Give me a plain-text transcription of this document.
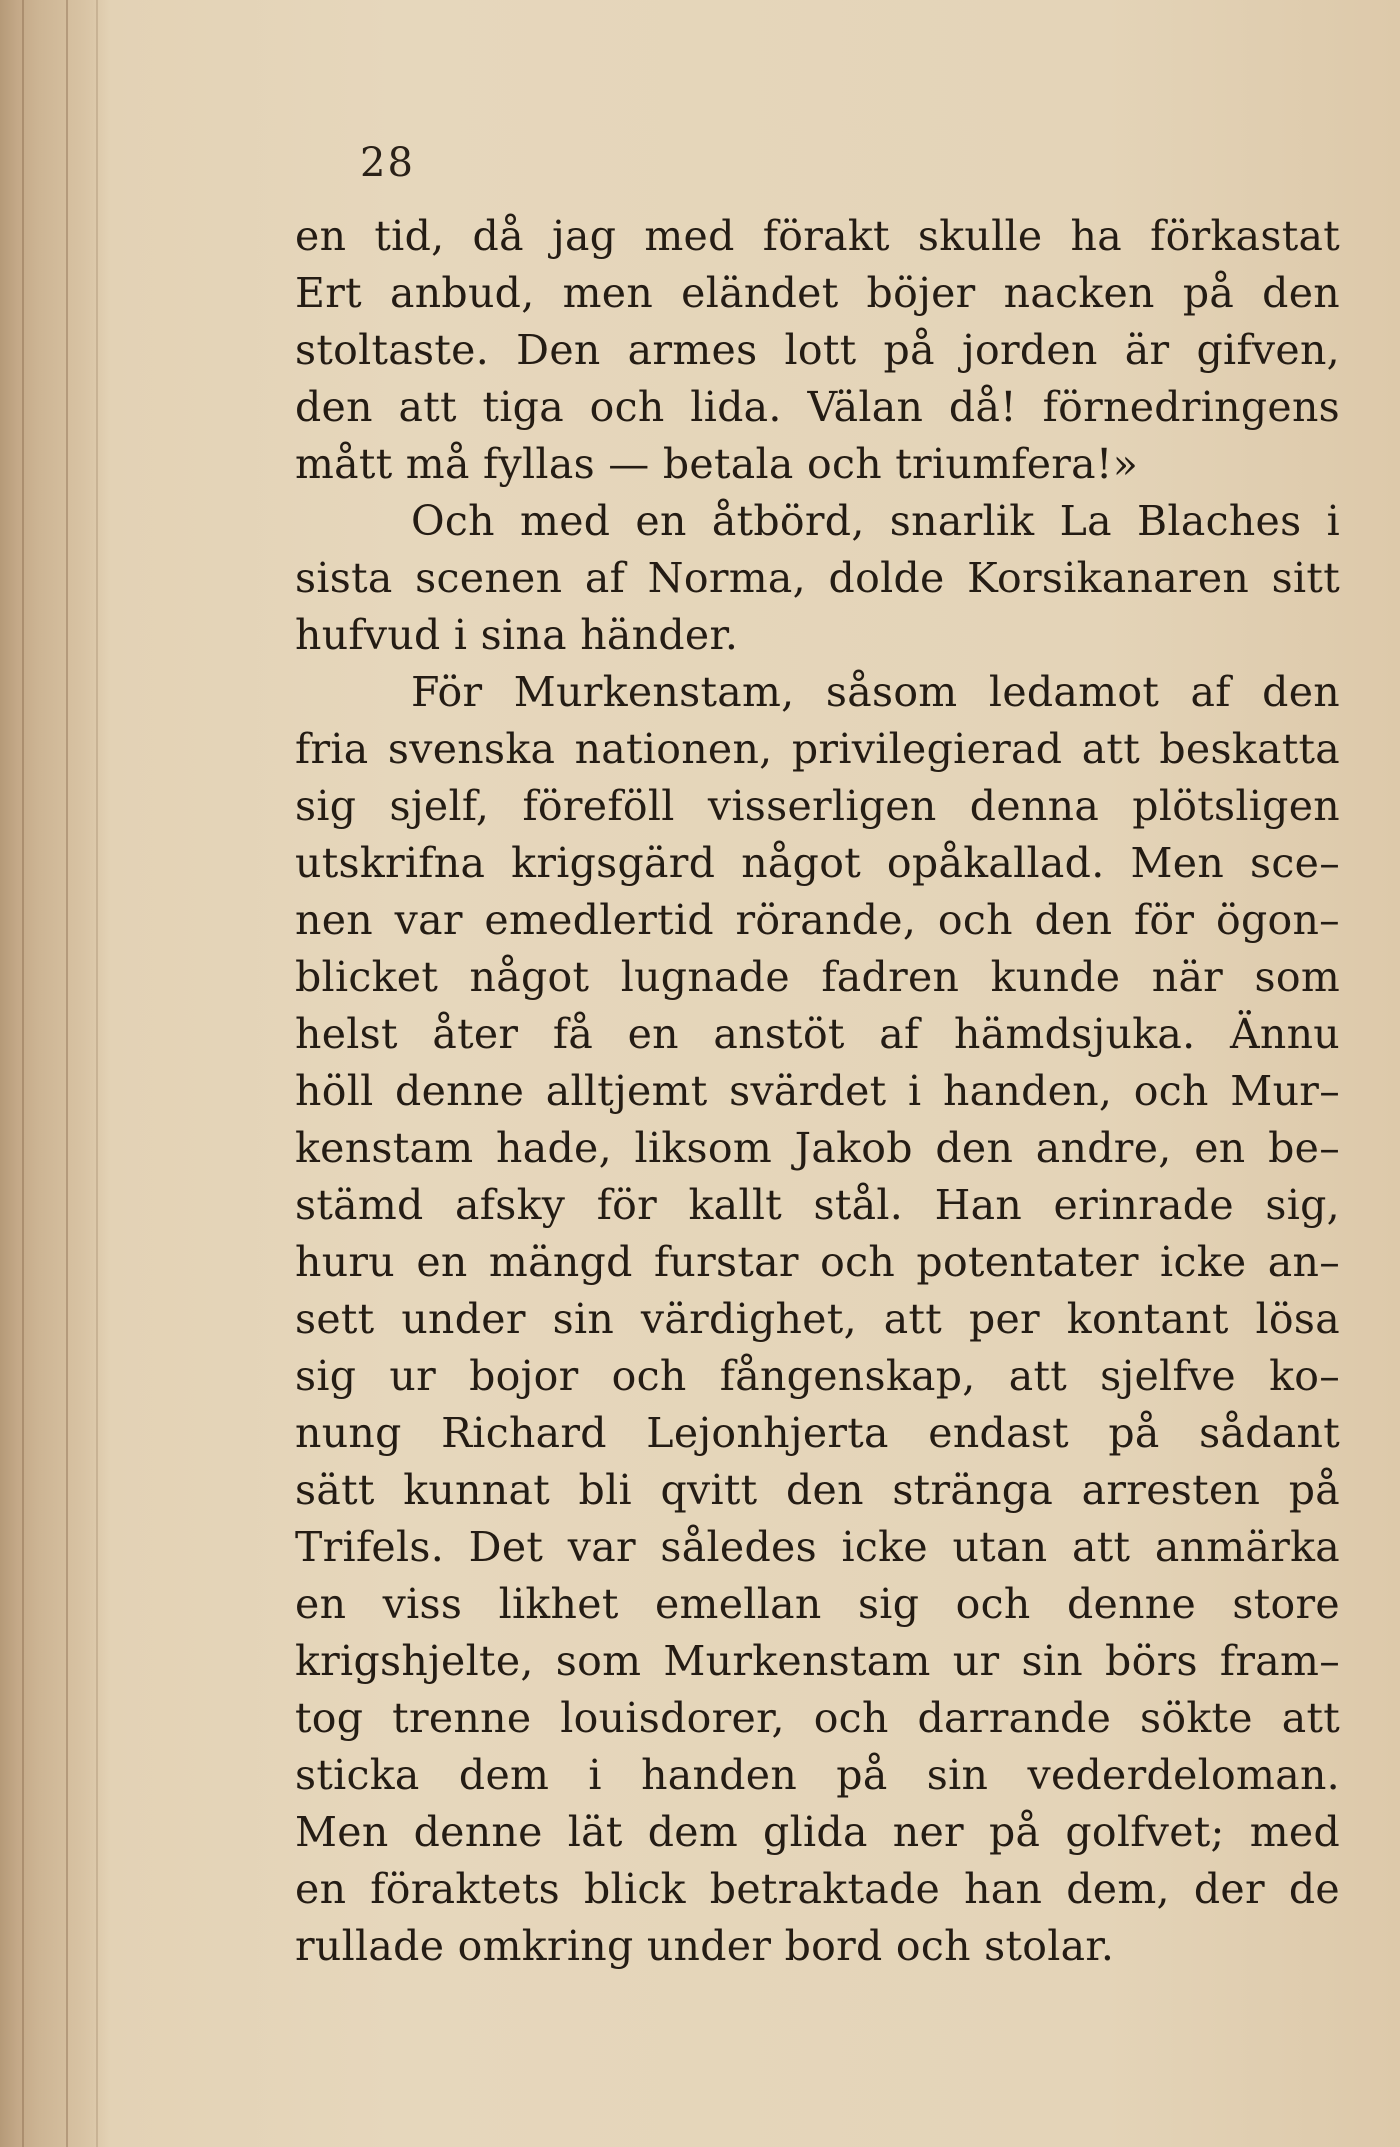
28
en tid, då jag med förakt skulle ha förkastat
Ert anbud, men eländet böjer nacken på den
stoltaste. Den armes lott på jorden är gifven,
den att tiga och lida. Välan då! förnedringens
mått må fyllas — betala och triumfera!»
Och med en åtbörd, snarlik La Blaches i
sista scenen af Norma, dolde Korsikanaren sitt
hufvud i sina händer.
För Murkenstam, såsom ledamot af den
fria svenska nationen, privilegierad att beskatta
sig sjelf, föreföll visserligen denna plötsligen
utskrifna krigsgärd något opåkallad. Men sce–
nen var emedlertid rörande, och den för ögon–
blicket något lugnade fadren kunde när som
helst åter få en anstöt af hämdsjuka. Ännu
höll denne alltjemt svärdet i handen, och Mur–
kenstam hade, liksom Jakob den andre, en be–
stämd afsky för kallt stål. Han erinrade sig,
huru en mängd furstar och potentater icke an–
sett under sin värdighet, att per kontant lösa
sig ur bojor och fångenskap, att sjelfve ko–
nung Richard Lejonhjerta endast på sådant
sätt kunnat bli qvitt den stränga arresten på
Trifels. Det var således icke utan att anmärka
en viss likhet emellan sig och denne store
krigshjelte, som Murkenstam ur sin börs fram–
tog trenne louisdorer, och darrande sökte att
sticka dem i handen på sin vederdeloman.
Men denne lät dem glida ner på golfvet; med
en föraktets blick betraktade han dem, der de
rullade omkring under bord och stolar.
